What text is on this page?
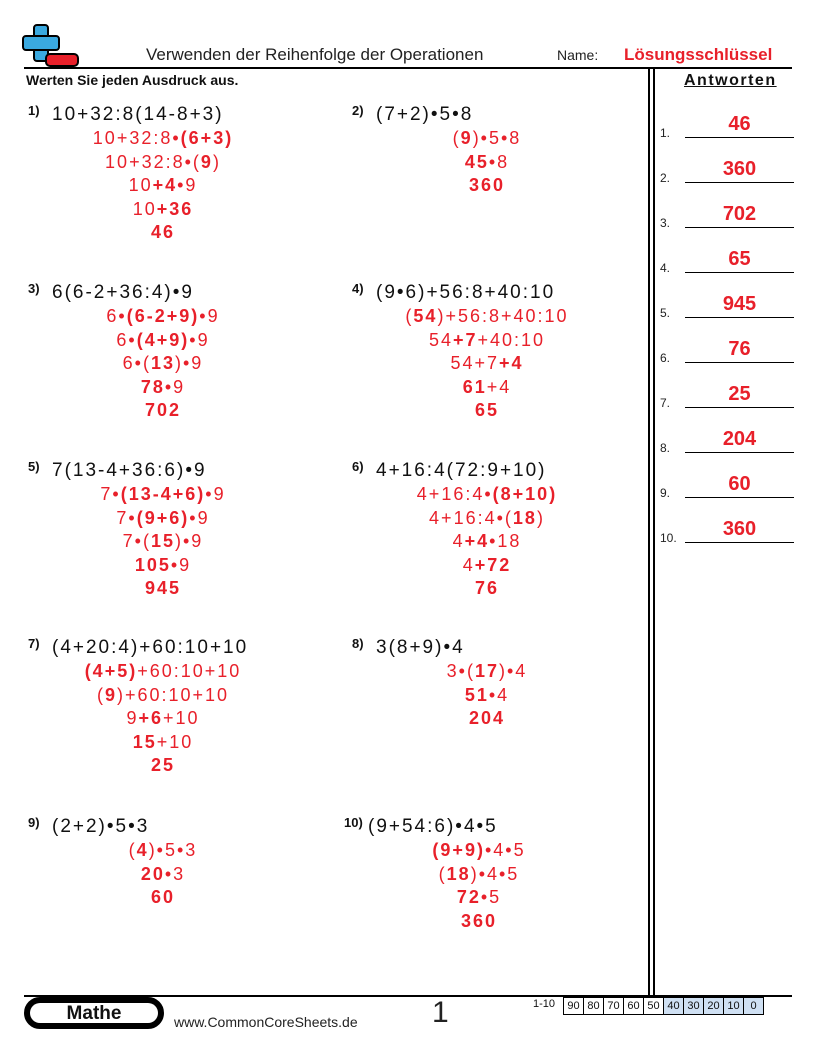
Verwenden der Reihenfolge der Operationen	Name: Lösungsschlüssel
Werten Sie jeden Ausdruck aus.	Antworten
1) 10+32:8(14-8+3)
10+32:8•(6+3)
10+32:8•(9)
10+4•9
10+36
46
2) (7+2)•5•8
(9)•5•8
45•8
360
3) 6(6-2+36:4)•9
6•(6-2+9)•9
6•(4+9)•9
6•(13)•9
78•9
702
4) (9•6)+56:8+40:10
(54)+56:8+40:10
54+7+40:10
54+7+4
61+4
65
5) 7(13-4+36:6)•9
7•(13-4+6)•9
7•(9+6)•9
7•(15)•9
105•9
945
6) 4+16:4(72:9+10)
4+16:4•(8+10)
4+16:4•(18)
4+4•18
4+72
76
7) (4+20:4)+60:10+10
(4+5)+60:10+10
(9)+60:10+10
9+6+10
15+10
25
8) 3(8+9)•4
3•(17)•4
51•4
204
9) (2+2)•5•3
(4)•5•3
20•3
60
10) (9+54:6)•4•5
(9+9)•4•5
(18)•4•5
72•5
360
1.	46
2.	360
3.	702
4.	65
5.	945
6.	76
7.	25
8.	204
9.	60
10.	360
Mathe	www.CommonCoreSheets.de 1	1-10	90 80 70 60 50 40 30 20 10 0
